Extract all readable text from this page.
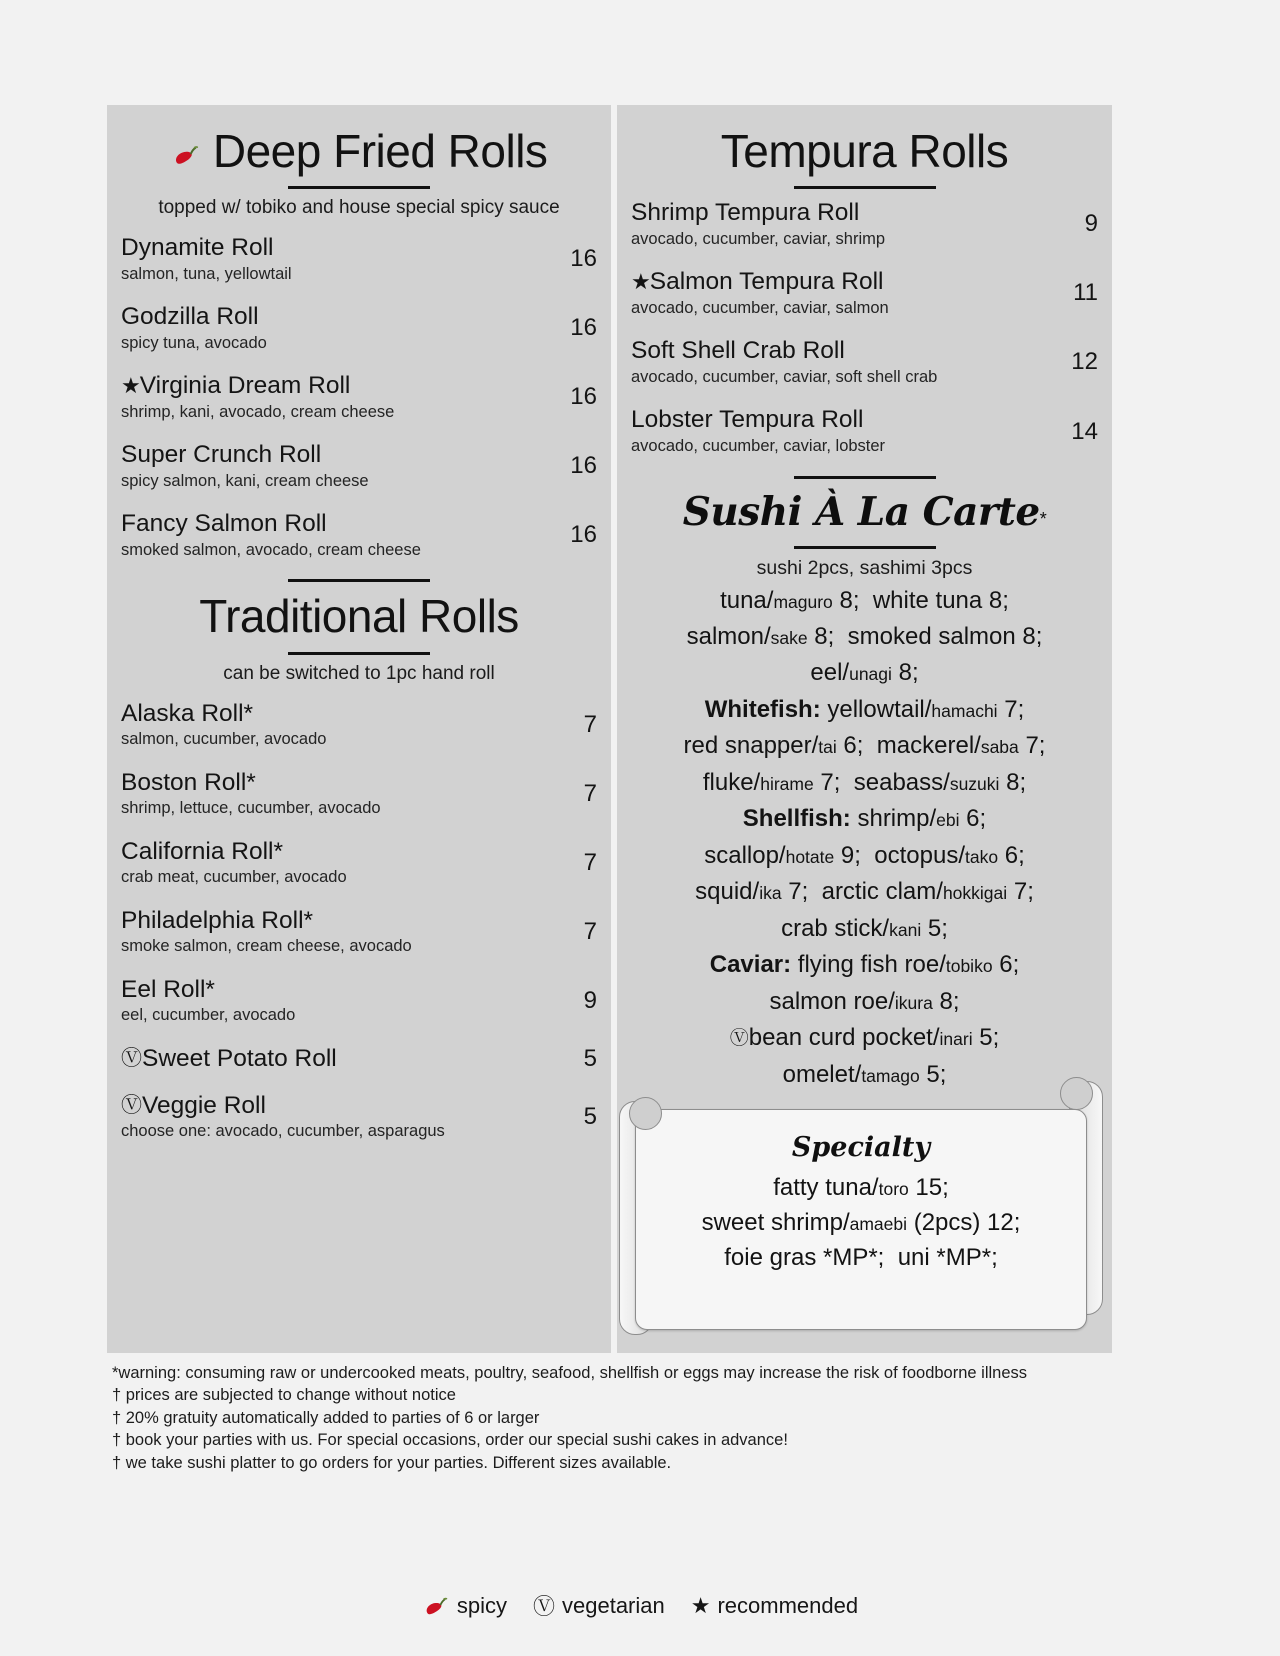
Deep Fried Rolls

topped w/ tobiko and house special spicy sauce

Dynamite Roll
salmon, tuna, yellowtail
16
Godzilla Roll
spicy tuna, avocado
16
★Virginia Dream Roll
shrimp, kani, avocado, cream cheese
16
Super Crunch Roll
spicy salmon, kani, cream cheese
16
Fancy Salmon Roll
smoked salmon, avocado, cream cheese
16
Traditional Rolls

can be switched to 1pc hand roll

Alaska Roll*
salmon, cucumber, avocado
7
Boston Roll*
shrimp, lettuce, cucumber, avocado
7
California Roll*
crab meat, cucumber, avocado
7
Philadelphia Roll*
smoke salmon, cream cheese, avocado
7
Eel Roll*
eel, cucumber, avocado
9
ⓋSweet Potato Roll	5
ⓋVeggie Roll
choose one: avocado, cucumber, asparagus
5
Tempura Rolls
Shrimp Tempura Roll
avocado, cucumber, caviar, shrimp
9
★Salmon Tempura Roll
avocado, cucumber, caviar, salmon
11
Soft Shell Crab Roll
avocado, cucumber, caviar, soft shell crab
12
Lobster Tempura Roll
avocado, cucumber, caviar, lobster
14
Sushi À La Carte*

sushi 2pcs, sashimi 3pcs

tuna/maguro 8; white tuna 8;
salmon/sake 8; smoked salmon 8;
eel/unagi 8;
Whitefish: yellowtail/hamachi 7;
red snapper/tai 6; mackerel/saba 7;
fluke/hirame 7; seabass/suzuki 8;
Shellfish: shrimp/ebi 6;
scallop/hotate 9; octopus/tako 6;
squid/ika 7; arctic clam/hokkigai 7;
crab stick/kani 5;
Caviar: flying fish roe/tobiko 6;
salmon roe/ikura 8;
Ⓥbean curd pocket/inari 5;
omelet/tamago 5;
Specialty
fatty tuna/toro 15;
sweet shrimp/amaebi (2pcs) 12;
foie gras *MP*; uni *MP*;

*warning: consuming raw or undercooked meats, poultry, seafood, shellfish or eggs may increase the risk of foodborne illness

† prices are subjected to change without notice

† 20% gratuity automatically added to parties of 6 or larger

† book your parties with us. For special occasions, order our special sushi cakes in advance!

† we take sushi platter to go orders for your parties. Different sizes available.

spicy Ⓥ vegetarian ★ recommended
